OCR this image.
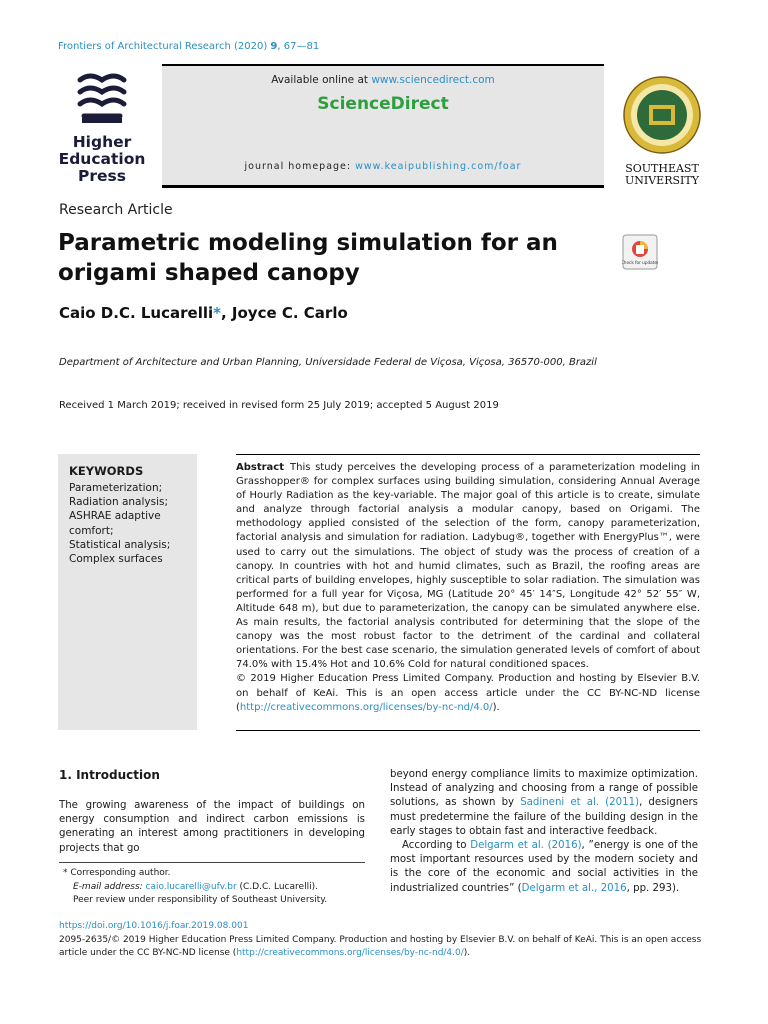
Frontiers of Architectural Research (2020) 9, 67—81
Higher
Education
Press
Available online at www.sciencedirect.com
ScienceDirect
journal homepage: www.keaipublishing.com/foar	SOUTHEAST
UNIVERSITY
Research Article
Parametric modeling simulation for an origami shaped canopy	Check for updates
Caio D.C. Lucarelli*, Joyce C. Carlo
Department of Architecture and Urban Planning, Universidade Federal de Viçosa, Viçosa, 36570-000, Brazil
Received 1 March 2019; received in revised form 25 July 2019; accepted 5 August 2019
KEYWORDS
Parameterization;
Radiation analysis;
ASHRAE adaptive comfort;
Statistical analysis;
Complex surfaces
Abstract This study perceives the developing process of a parameterization modeling in Grasshopper® for complex surfaces using building simulation, considering Annual Average of Hourly Radiation as the key-variable. The major goal of this article is to create, simulate and analyze through factorial analysis a modular canopy, based on Origami. The methodology applied consisted of the selection of the form, canopy parameterization, factorial analysis and simulation for radiation. Ladybug®, together with EnergyPlus™, were used to carry out the simulations. The object of study was the process of creation of a canopy. In countries with hot and humid climates, such as Brazil, the roofing areas are critical parts of building envelopes, highly susceptible to solar radiation. The simulation was performed for a full year for Viçosa, MG (Latitude 20° 45′ 14″S, Longitude 42° 52′ 55″ W, Altitude 648 m), but due to parameterization, the canopy can be simulated anywhere else. As main results, the factorial analysis contributed for determining that the slope of the canopy was the most robust factor to the detriment of the cardinal and collateral orientations. For the best case scenario, the simulation generated levels of comfort of about 74.0% with 15.4% Hot and 10.6% Cold for natural conditioned spaces.
© 2019 Higher Education Press Limited Company. Production and hosting by Elsevier B.V. on behalf of KeAi. This is an open access article under the CC BY-NC-ND license (http://creativecommons.org/licenses/by-nc-nd/4.0/).
1. Introduction
The growing awareness of the impact of buildings on energy consumption and indirect carbon emissions is generating an interest among practitioners in developing projects that go

beyond energy compliance limits to maximize optimization. Instead of analyzing and choosing from a range of possible solutions, as shown by Sadineni et al. (2011), designers must predetermine the failure of the building design in the early stages to obtain fast and interactive feedback.

According to Delgarm et al. (2016), ”energy is one of the most important resources used by the modern society and is the core of the economic and social activities in the industrialized countries” (Delgarm et al., 2016, pp. 293).

* Corresponding author.
E-mail address: caio.lucarelli@ufv.br (C.D.C. Lucarelli).
Peer review under responsibility of Southeast University.
https://doi.org/10.1016/j.foar.2019.08.001
2095-2635/© 2019 Higher Education Press Limited Company. Production and hosting by Elsevier B.V. on behalf of KeAi. This is an open access article under the CC BY-NC-ND license (http://creativecommons.org/licenses/by-nc-nd/4.0/).
